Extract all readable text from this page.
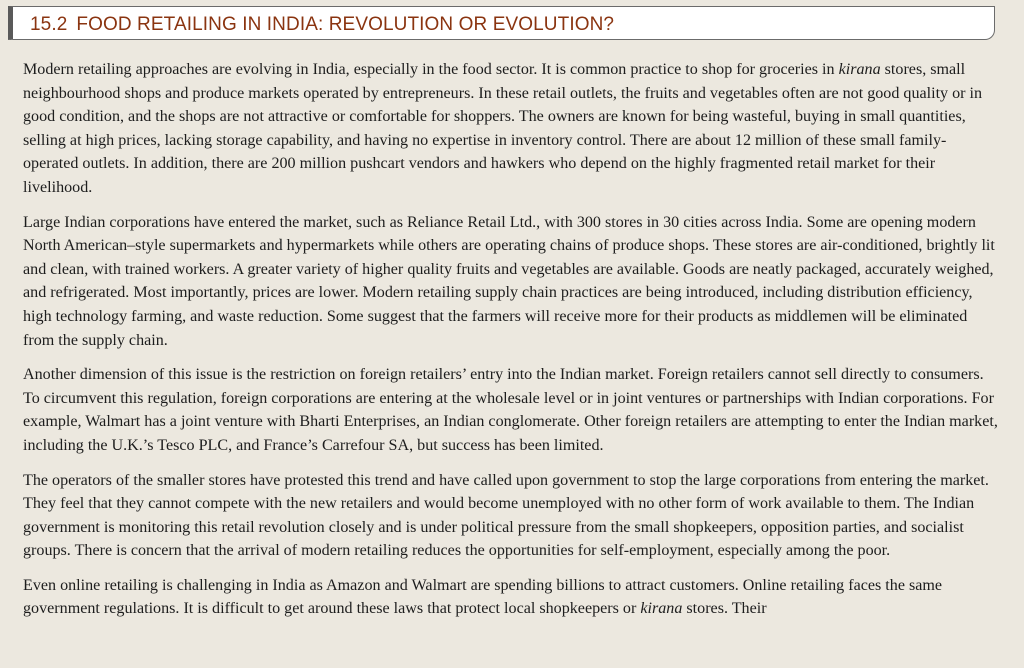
15.2 FOOD RETAILING IN INDIA: REVOLUTION OR EVOLUTION?

Modern retailing approaches are evolving in India, especially in the food sector. It is common practice to shop for groceries in kirana stores, small neighbourhood shops and produce markets operated by entrepreneurs. In these retail outlets, the fruits and vegetables often are not good quality or in good condition, and the shops are not attractive or comfortable for shoppers. The owners are known for being wasteful, buying in small quantities, selling at high prices, lacking storage capability, and having no expertise in inventory control. There are about 12 million of these small family-operated outlets. In addition, there are 200 million pushcart vendors and hawkers who depend on the highly fragmented retail market for their livelihood.

Large Indian corporations have entered the market, such as Reliance Retail Ltd., with 300 stores in 30 cities across India. Some are opening modern North American–style supermarkets and hypermarkets while others are operating chains of produce shops. These stores are air-conditioned, brightly lit and clean, with trained workers. A greater variety of higher quality fruits and vegetables are available. Goods are neatly packaged, accurately weighed, and refrigerated. Most importantly, prices are lower. Modern retailing supply chain practices are being introduced, including distribution efficiency, high technology farming, and waste reduction. Some suggest that the farmers will receive more for their products as middlemen will be eliminated from the supply chain.

Another dimension of this issue is the restriction on foreign retailers’ entry into the Indian market. Foreign retailers cannot sell directly to consumers. To circumvent this regulation, foreign corporations are entering at the wholesale level or in joint ventures or partnerships with Indian corporations. For example, Walmart has a joint venture with Bharti Enterprises, an Indian conglomerate. Other foreign retailers are attempting to enter the Indian market, including the U.K.’s Tesco PLC, and France’s Carrefour SA, but success has been limited.

The operators of the smaller stores have protested this trend and have called upon government to stop the large corporations from entering the market. They feel that they cannot compete with the new retailers and would become unemployed with no other form of work available to them. The Indian government is monitoring this retail revolution closely and is under political pressure from the small shopkeepers, opposition parties, and socialist groups. There is concern that the arrival of modern retailing reduces the opportunities for self-employment, especially among the poor.

Even online retailing is challenging in India as Amazon and Walmart are spending billions to attract customers. Online retailing faces the same government regulations. It is difficult to get around these laws that protect local shopkeepers or kirana stores. Their
